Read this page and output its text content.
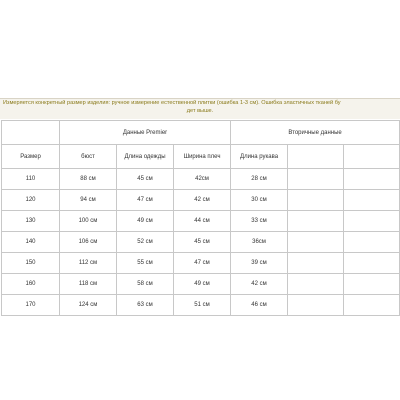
Измеряется конкретный размер изделия: ручное измерение естественной плитки (ошибка 1-3 см). Ошибка эластичных тканей бу
дет выше.
	Данные Premier			Вторичные данные		
Размер	бюст	Длина одежды	Ширина плеч	Длина рукава		
110	88 см	45 см	42см	28 см		
120	94 см	47 см	42 см	30 см		
130	100 см	49 см	44 см	33 см		
140	106 см	52 см	45 см	36см		
150	112 см	55 см	47 см	39 см		
160	118 см	58 см	49 см	42 см		
170	124 см	63 см	51 см	46 см		
